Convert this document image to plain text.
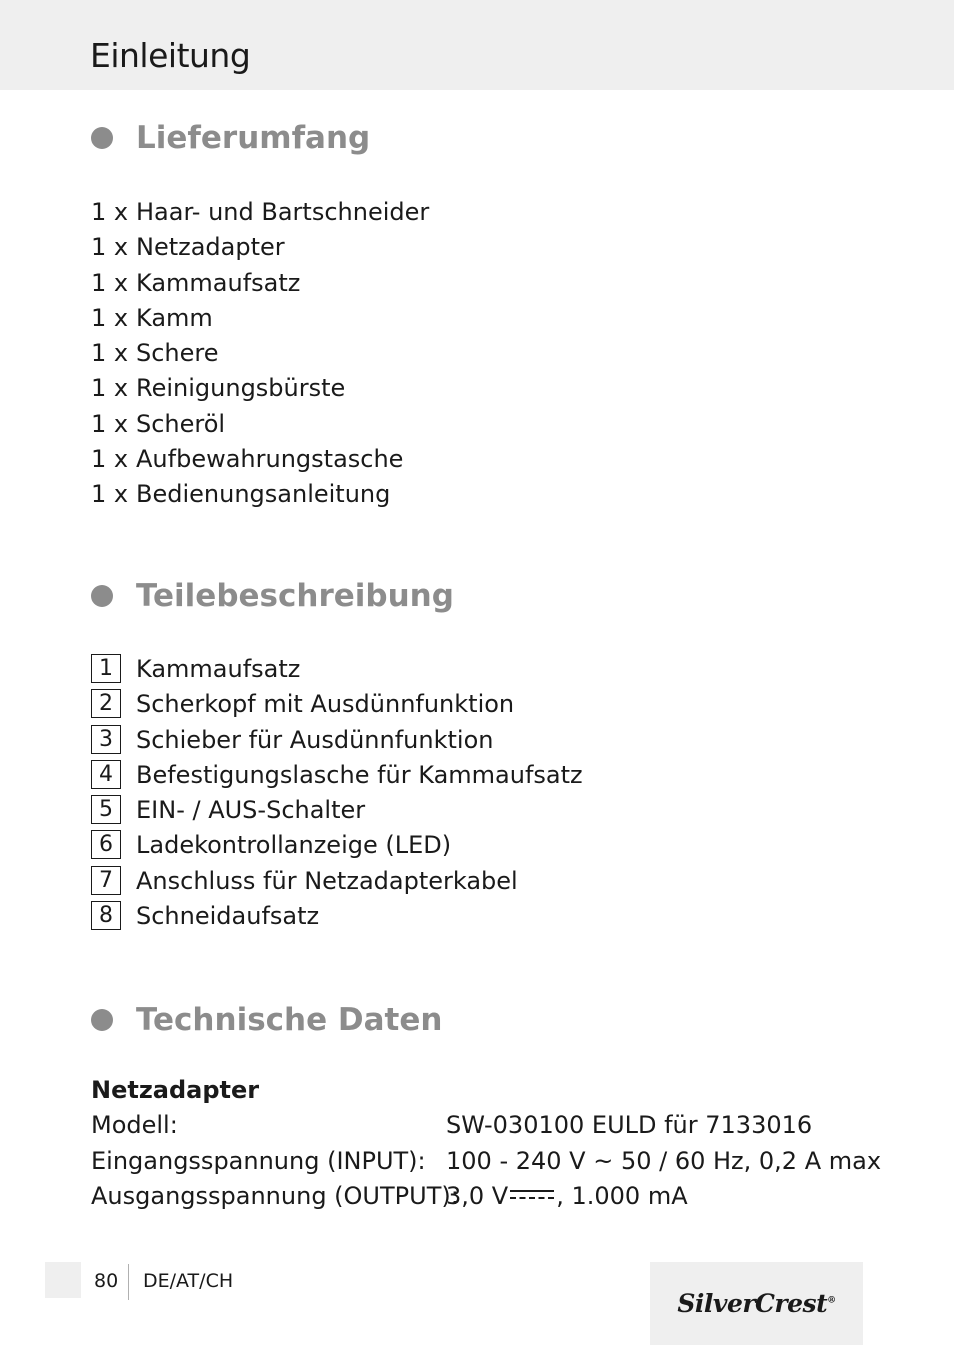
Einleitung
Lieferumfang
1 x Haar- und Bartschneider
1 x Netzadapter
1 x Kammaufsatz
1 x Kamm
1 x Schere
1 x Reinigungsbürste
1 x Scheröl
1 x Aufbewahrungstasche
1 x Bedienungsanleitung
Teilebeschreibung
1 Kammaufsatz
2 Scherkopf mit Ausdünnfunktion
3 Schieber für Ausdünnfunktion
4 Befestigungslasche für Kammaufsatz
5 EIN- / AUS-Schalter
6 Ladekontrollanzeige (LED)
7 Anschluss für Netzadapterkabel
8 Schneidaufsatz
Technische Daten
Netzadapter
Modell:	SW-030100 EULD für 7133016
Eingangsspannung (INPUT): 100 - 240 V ~ 50 / 60 Hz, 0,2 A max
Ausgangsspannung (OUTPUT):
3,0 V , 1.000 mA
80 DE/AT/CH
SilverCrest®
